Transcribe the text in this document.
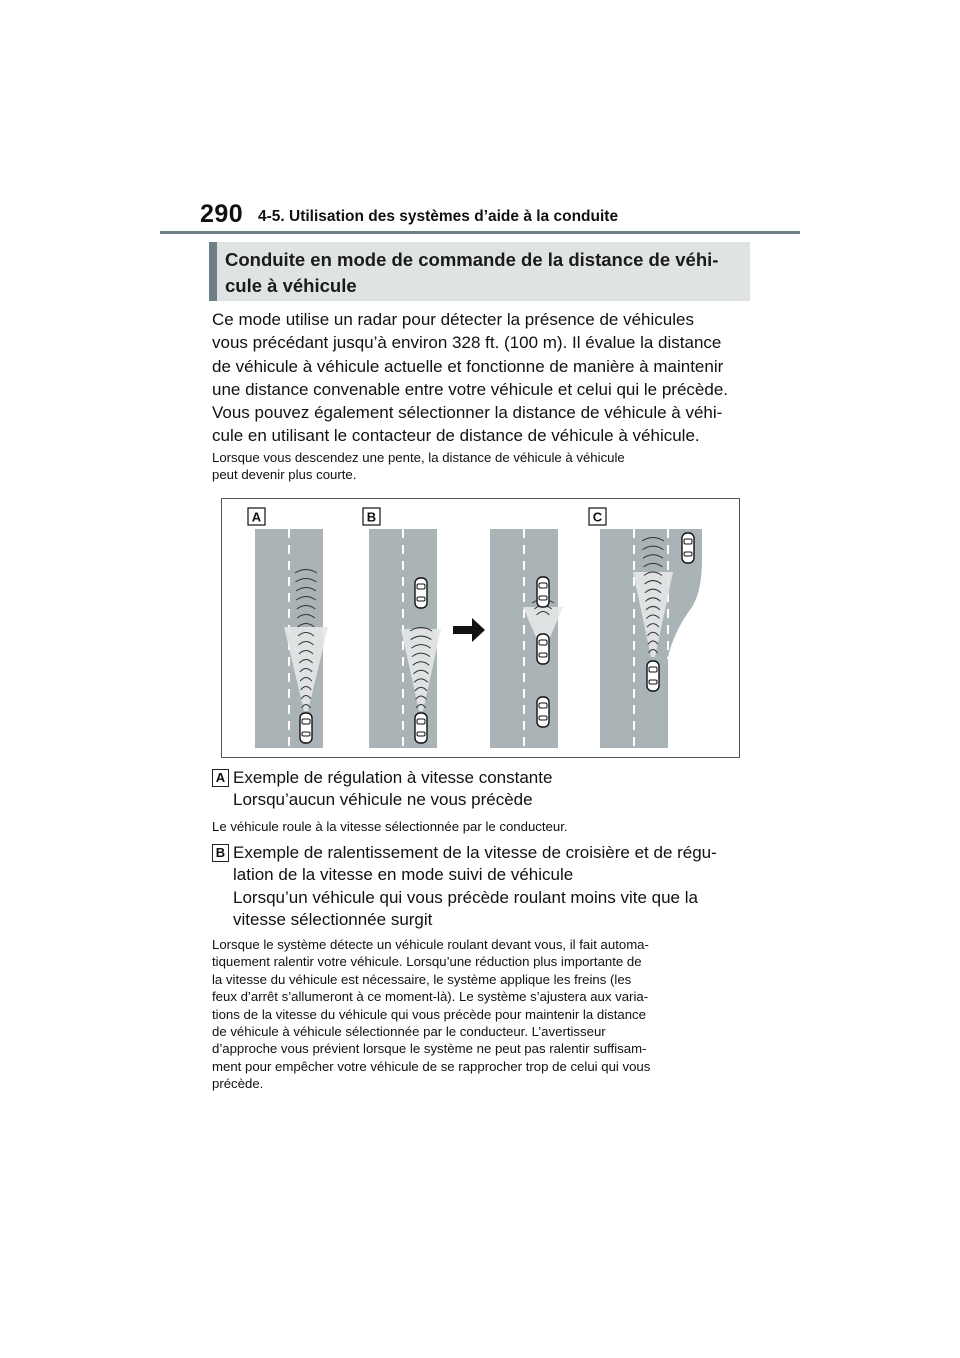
290 4-5. Utilisation des systèmes d’aide à la conduite
Conduite en mode de commande de la distance de véhi-
cule à véhicule
Ce mode utilise un radar pour détecter la présence de véhicules
vous précédant jusqu’à environ 328 ft. (100 m). Il évalue la distance
de véhicule à véhicule actuelle et fonctionne de manière à maintenir
une distance convenable entre votre véhicule et celui qui le précède.
Vous pouvez également sélectionner la distance de véhicule à véhi-
cule en utilisant le contacteur de distance de véhicule à véhicule.
Lorsque vous descendez une pente, la distance de véhicule à véhicule
peut devenir plus courte.
A	B	C
A Exemple de régulation à vitesse constante
Lorsqu’aucun véhicule ne vous précède
Le véhicule roule à la vitesse sélectionnée par le conducteur.
B Exemple de ralentissement de la vitesse de croisière et de régu-
lation de la vitesse en mode suivi de véhicule
Lorsqu’un véhicule qui vous précède roulant moins vite que la
vitesse sélectionnée surgit
Lorsque le système détecte un véhicule roulant devant vous, il fait automa-
tiquement ralentir votre véhicule. Lorsqu’une réduction plus importante de
la vitesse du véhicule est nécessaire, le système applique les freins (les
feux d’arrêt s’allumeront à ce moment-là). Le système s’ajustera aux varia-
tions de la vitesse du véhicule qui vous précède pour maintenir la distance
de véhicule à véhicule sélectionnée par le conducteur. L’avertisseur
d’approche vous prévient lorsque le système ne peut pas ralentir suffisam-
ment pour empêcher votre véhicule de se rapprocher trop de celui qui vous
précède.
